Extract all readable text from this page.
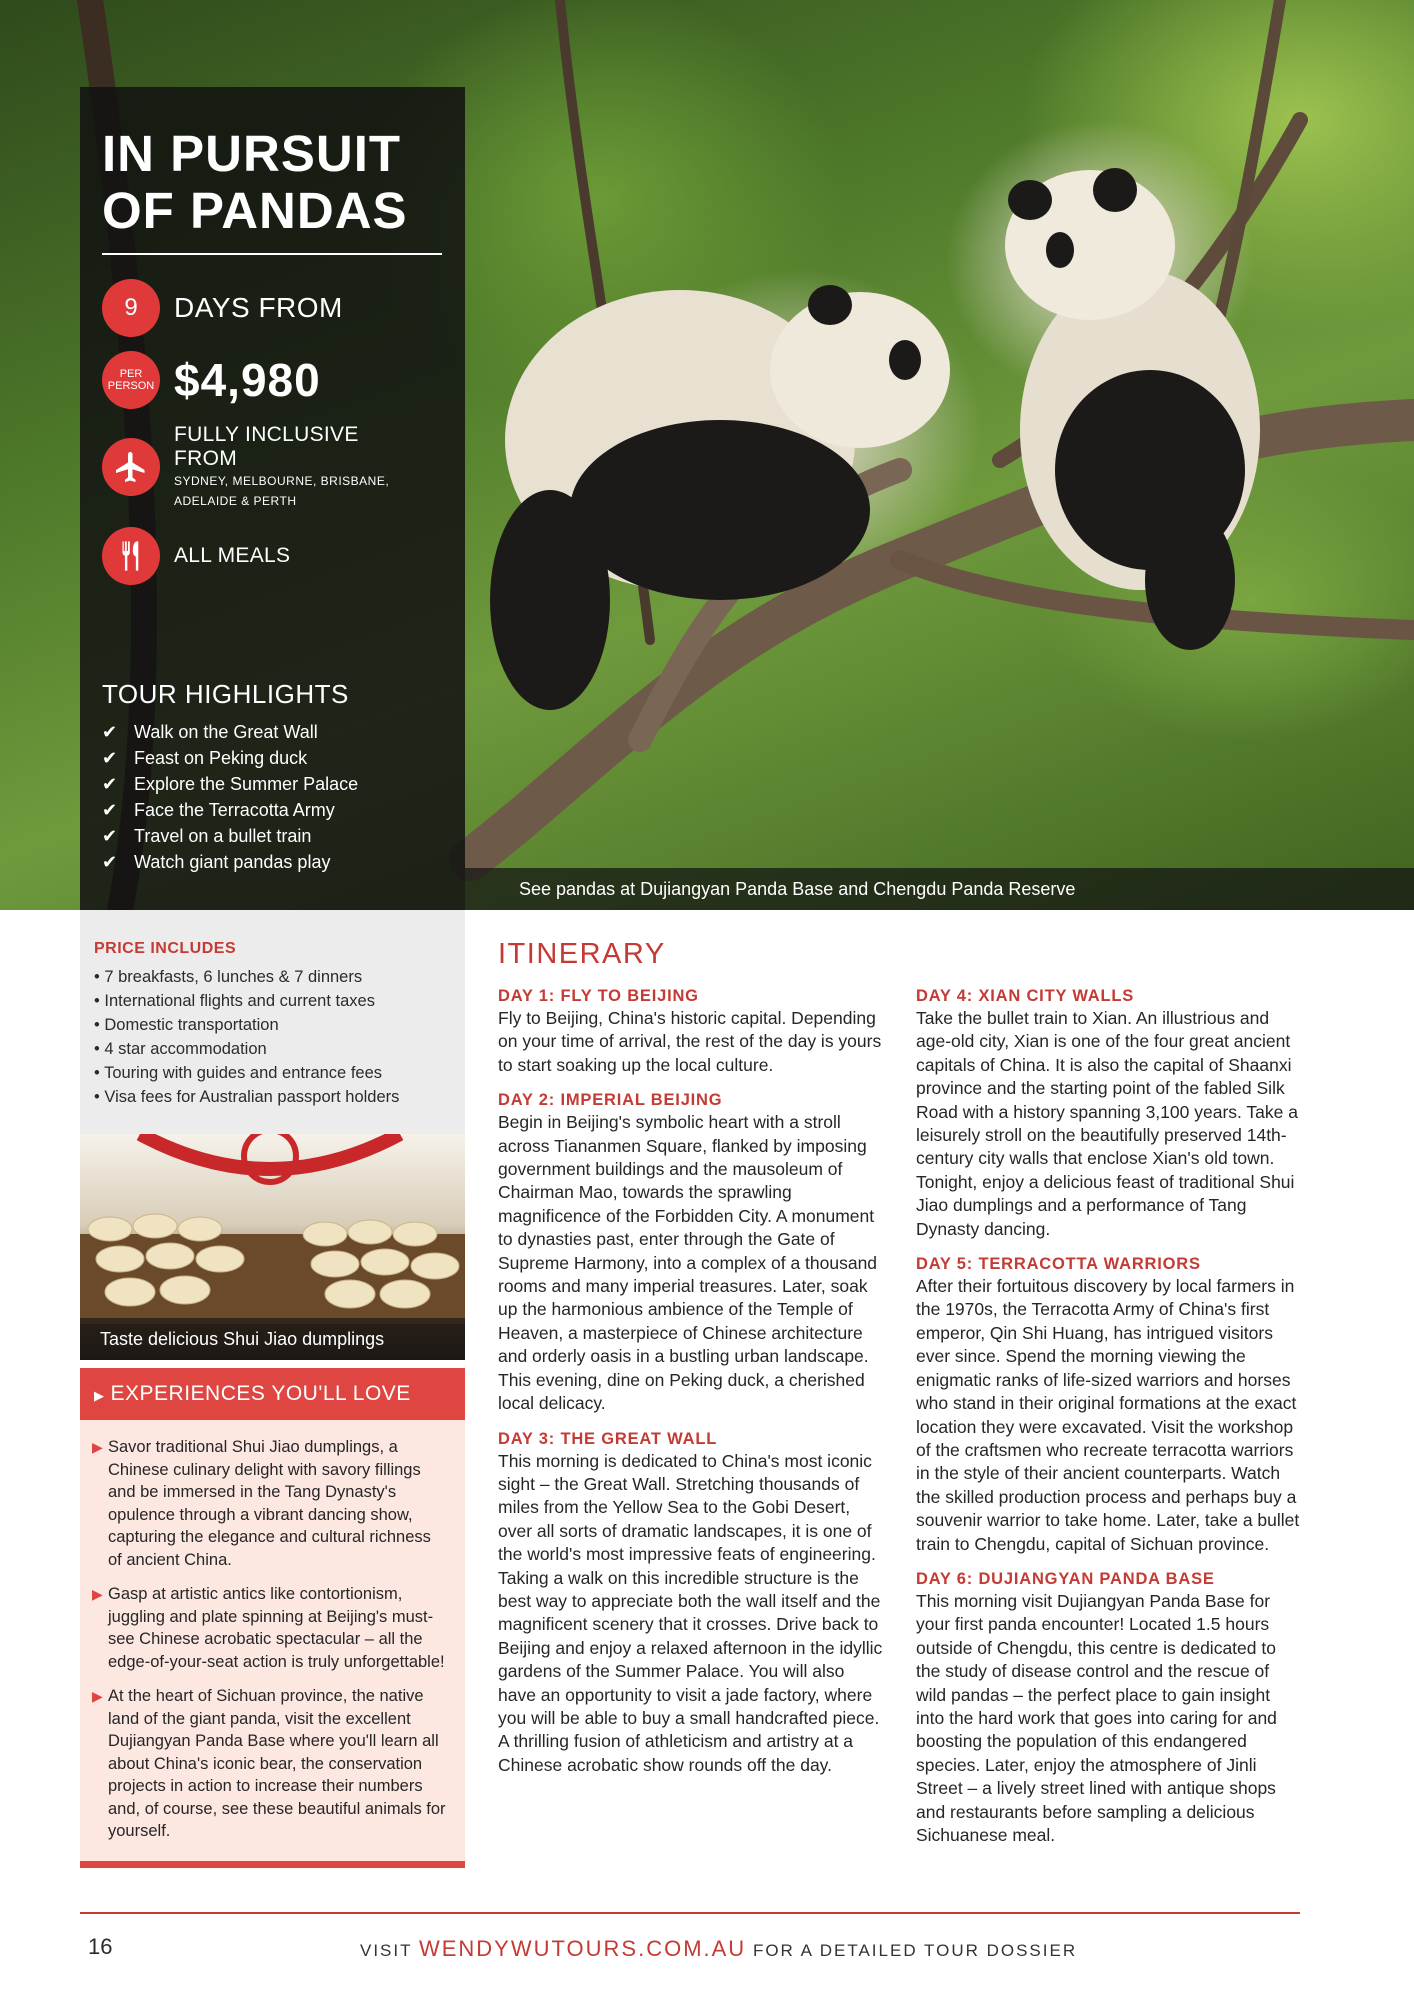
IN PURSUIT OF PANDAS
9	DAYS FROM
PER PERSON $4,980
FULLY INCLUSIVE FROM
SYDNEY, MELBOURNE, BRISBANE, ADELAIDE & PERTH
ALL MEALS
TOUR HIGHLIGHTS
✔ Walk on the Great Wall
✔ Feast on Peking duck
✔ Explore the Summer Palace
✔ Face the Terracotta Army
✔ Travel on a bullet train
✔ Watch giant pandas play
See pandas at Dujiangyan Panda Base and Chengdu Panda Reserve
PRICE INCLUDES
• 7 breakfasts, 6 lunches & 7 dinners
• International flights and current taxes
• Domestic transportation
• 4 star accommodation
• Touring with guides and entrance fees
• Visa fees for Australian passport holders
Taste delicious Shui Jiao dumplings
▶ EXPERIENCES YOU'LL LOVE
▶ Savor traditional Shui Jiao dumplings, a Chinese culinary delight with savory fillings and be immersed in the Tang Dynasty's opulence through a vibrant dancing show, capturing the elegance and cultural richness of ancient China.
▶ Gasp at artistic antics like contortionism, juggling and plate spinning at Beijing's must-see Chinese acrobatic spectacular – all the edge-of-your-seat action is truly unforgettable!
▶ At the heart of Sichuan province, the native land of the giant panda, visit the excellent Dujiangyan Panda Base where you'll learn all about China's iconic bear, the conservation projects in action to increase their numbers and, of course, see these beautiful animals for yourself.
ITINERARY
DAY 1: FLY TO BEIJING
Fly to Beijing, China's historic capital. Depending on your time of arrival, the rest of the day is yours to start soaking up the local culture.
DAY 2: IMPERIAL BEIJING
Begin in Beijing's symbolic heart with a stroll across Tiananmen Square, flanked by imposing government buildings and the mausoleum of Chairman Mao, towards the sprawling magnificence of the Forbidden City. A monument to dynasties past, enter through the Gate of Supreme Harmony, into a complex of a thousand rooms and many imperial treasures. Later, soak up the harmonious ambience of the Temple of Heaven, a masterpiece of Chinese architecture and orderly oasis in a bustling urban landscape. This evening, dine on Peking duck, a cherished local delicacy.
DAY 3: THE GREAT WALL
This morning is dedicated to China's most iconic sight – the Great Wall. Stretching thousands of miles from the Yellow Sea to the Gobi Desert, over all sorts of dramatic landscapes, it is one of the world's most impressive feats of engineering. Taking a walk on this incredible structure is the best way to appreciate both the wall itself and the magnificent scenery that it crosses. Drive back to Beijing and enjoy a relaxed afternoon in the idyllic gardens of the Summer Palace. You will also have an opportunity to visit a jade factory, where you will be able to buy a small handcrafted piece. A thrilling fusion of athleticism and artistry at a Chinese acrobatic show rounds off the day.
DAY 4: XIAN CITY WALLS
Take the bullet train to Xian. An illustrious and age-old city, Xian is one of the four great ancient capitals of China. It is also the capital of Shaanxi province and the starting point of the fabled Silk Road with a history spanning 3,100 years. Take a leisurely stroll on the beautifully preserved 14th-century city walls that enclose Xian's old town. Tonight, enjoy a delicious feast of traditional Shui Jiao dumplings and a performance of Tang Dynasty dancing.
DAY 5: TERRACOTTA WARRIORS
After their fortuitous discovery by local farmers in the 1970s, the Terracotta Army of China's first emperor, Qin Shi Huang, has intrigued visitors ever since. Spend the morning viewing the enigmatic ranks of life-sized warriors and horses who stand in their original formations at the exact location they were excavated. Visit the workshop of the craftsmen who recreate terracotta warriors in the style of their ancient counterparts. Watch the skilled production process and perhaps buy a souvenir warrior to take home. Later, take a bullet train to Chengdu, capital of Sichuan province.
DAY 6: DUJIANGYAN PANDA BASE
This morning visit Dujiangyan Panda Base for your first panda encounter! Located 1.5 hours outside of Chengdu, this centre is dedicated to the study of disease control and the rescue of wild pandas – the perfect place to gain insight into the hard work that goes into caring for and boosting the population of this endangered species. Later, enjoy the atmosphere of Jinli Street – a lively street lined with antique shops and restaurants before sampling a delicious Sichuanese meal.
16	VISIT WENDYWUTOURS.COM.AU FOR A DETAILED TOUR DOSSIER
